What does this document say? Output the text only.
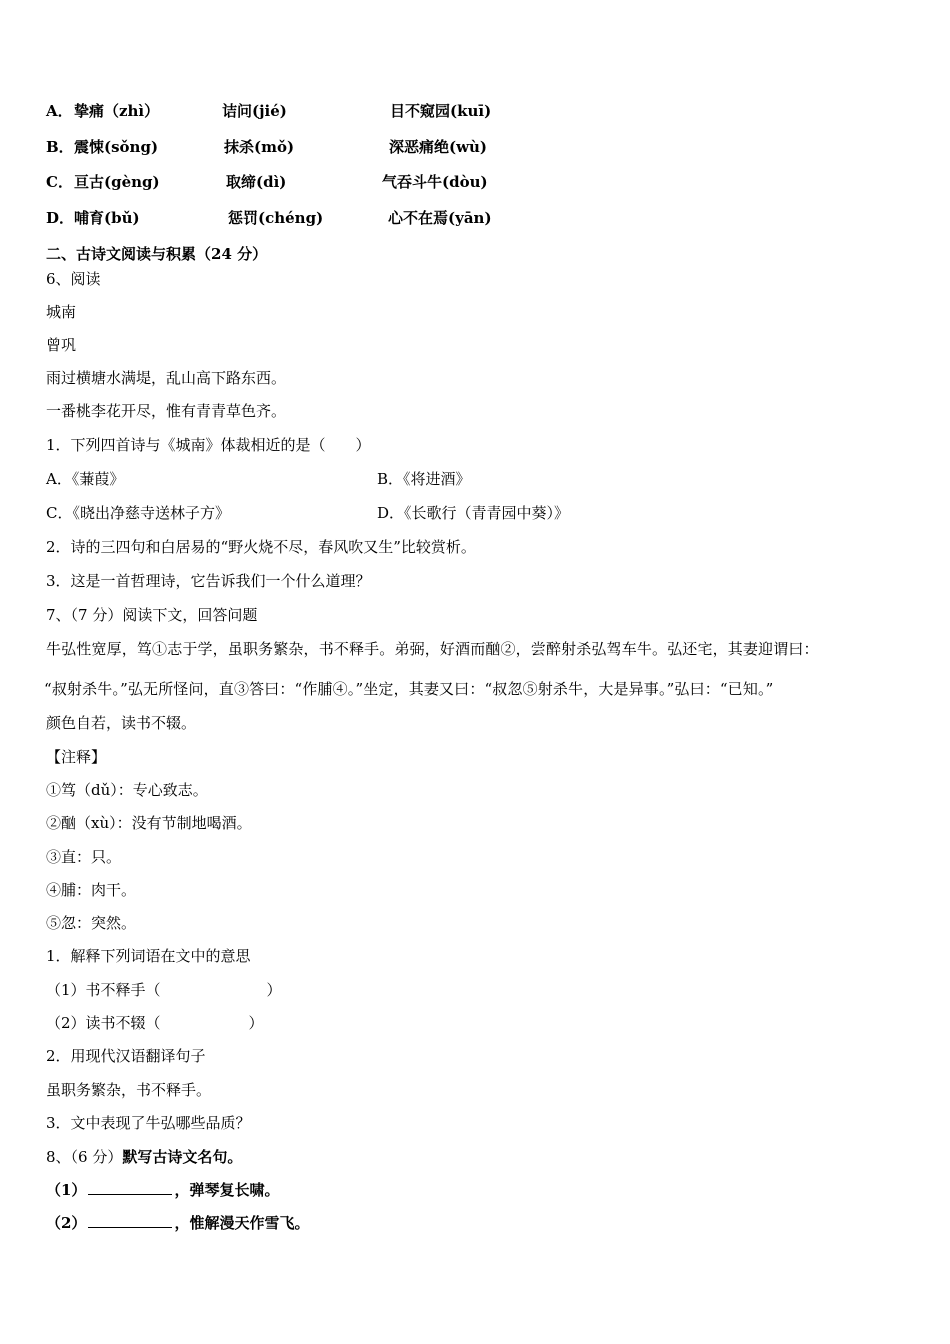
A． 挚痛（zhì）	诘问(jié)	目不窥园(kuī)
B． 震悚(sǒng)	抹杀(mǒ)	深恶痛绝(wù)
C． 亘古(gèng)	取缔(dì)	气吞斗牛(dòu)
D． 哺育(bǔ)	惩罚(chéng)	心不在焉(yān)
二、古诗文阅读与积累（24 分）
6、阅读
城南
曾巩
雨过横塘水满堤，乱山高下路东西。
一番桃李花开尽，惟有青青草色齐。
1．下列四首诗与《城南》体裁相近的是（　　）
A．《蒹葭》	B．《将进酒》
C．《晓出净慈寺送林子方》	D．《长歌行（青青园中葵）》
2．诗的三四句和白居易的“野火烧不尽，春风吹又生”比较赏析。
3．这是一首哲理诗，它告诉我们一个什么道理？
7、（7 分）阅读下文，回答问题
牛弘性宽厚，笃①志于学，虽职务繁杂，书不释手。弟弼，好酒而酗②，尝醉射杀弘驾车牛。弘还宅，其妻迎谓曰：
“叔射杀牛。”弘无所怪问，直③答曰：“作脯④。”坐定，其妻又曰：“叔忽⑤射杀牛，大是异事。”弘曰：“已知。”
颜色自若，读书不辍。
【注释】
①笃（dǔ）：专心致志。
②酗（xù）：没有节制地喝酒。
③直：只。
④脯：肉干。
⑤忽：突然。
1．解释下列词语在文中的意思
（1）书不释手（	）
（2）读书不辍（	）
2．用现代汉语翻译句子
虽职务繁杂，书不释手。
3．文中表现了牛弘哪些品质？
8、（6 分）默写古诗文名句。
（1）	，弹琴复长啸。
（2）	，惟解漫天作雪飞。
